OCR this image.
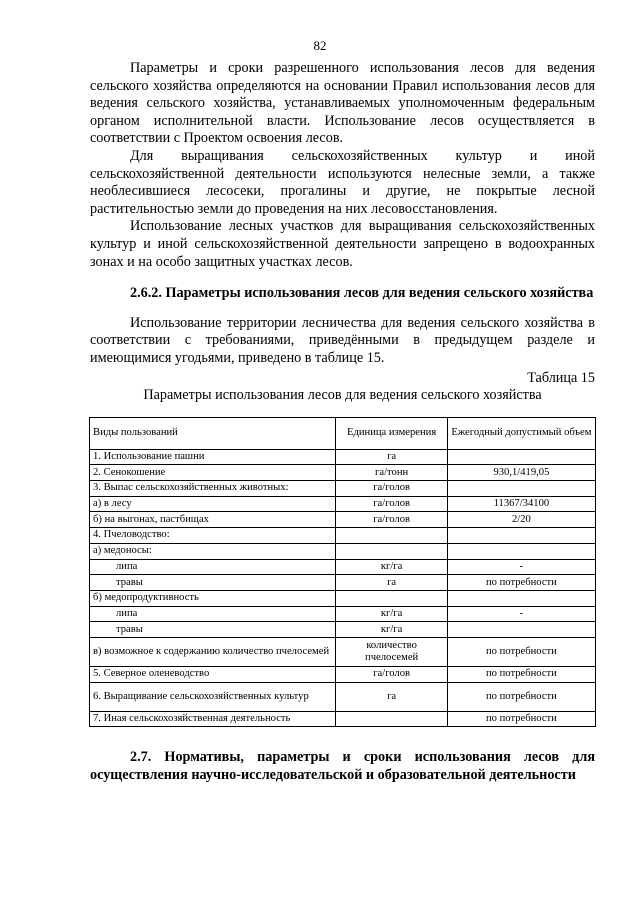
82

Параметры и сроки разрешенного использования лесов для ведения сельского хозяйства определяются на основании Правил использования лесов для ведения сельского хозяйства, устанавливаемых уполномоченным федеральным органом исполнительной власти. Использование лесов осуществляется в соответствии с Проектом освоения лесов.

Для выращивания сельскохозяйственных культур и иной сельскохозяйственной деятельности используются нелесные земли, а также необлесившиеся лесосеки, прогалины и другие, не покрытые лесной растительностью земли до проведения на них лесовосстановления.

Использование лесных участков для выращивания сельскохозяйственных культур и иной сельскохозяйственной деятельности запрещено в водоохранных зонах и на особо защитных участках лесов.

2.6.2. Параметры использования лесов для ведения сельского хозяйства

Использование территории лесничества для ведения сельского хозяйства в соответствии с требованиями, приведёнными в предыдущем разделе и имеющимися угодьями, приведено в таблице 15.

Таблица 15
Параметры использования лесов для ведения сельского хозяйства
Виды пользований	Единица измерения	Ежегодный допустимый объем
1. Использование пашни	га	
2. Сенокошение	га/тонн	930,1/419,05
3. Выпас сельскохозяйственных животных:	га/голов	
а) в лесу	га/голов	11367/34100
б) на выгонах, пастбищах	га/голов	2/20
4. Пчеловодство:		
а) медоносы:		
липа	кг/га	-
травы	га	по потребности
б) медопродуктивность		
липа	кг/га	-
травы	кг/га	
в) возможное к содержанию количество пчелосемей	количество пчелосемей	по потребности
5. Северное оленеводство	га/голов	по потребности
6. Выращивание сельскохозяйственных культур	га	по потребности
7. Иная сельскохозяйственная деятельность		по потребности
2.7. Нормативы, параметры и сроки использования лесов для осуществления научно-исследовательской и образовательной деятельности
